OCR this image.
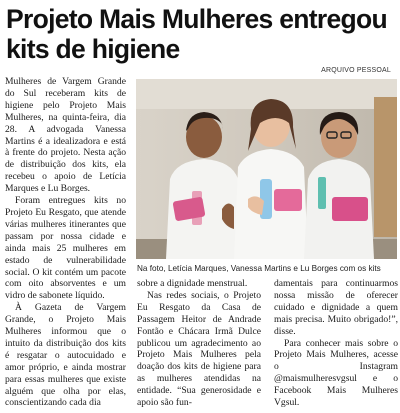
Projeto Mais Mulheres entregou kits de higiene
ARQUIVO PESSOAL

Mulheres de Vargem Grande do Sul receberam kits de higiene pelo Projeto Mais Mulheres, na quinta-feira, dia 28. A advogada Vanessa Martins é a idealizadora e está à frente do projeto. Nesta ação de distribuição dos kits, ela recebeu o apoio de Letícia Marques e Lu Borges.

Foram entregues kits no Projeto Eu Resgato, que atende várias mulheres itinerantes que passam por nossa cidade e ainda mais 25 mulheres em estado de vulnerabilidade social. O kit contém um pacote com oito absorventes e um vidro de sabonete líquido.

À Gazeta de Vargem Grande, o Projeto Mais Mulheres informou que o intuito da distribuição dos kits é resgatar o autocuidado e amor próprio, e ainda mostrar para essas mulheres que existe alguém que olha por elas, conscientizando cada dia

Na foto, Letícia Marques, Vanessa Martins e Lu Borges com os kits

sobre a dignidade menstrual.

Nas redes sociais, o Projeto Eu Resgato da Casa de Passagem Heitor de Andrade Fontão e Chácara Irmã Dulce publicou um agradecimento ao Projeto Mais Mulheres pela doação dos kits de higiene para as mulheres atendidas na entidade. “Sua generosidade e apoio são fun-

damentais para continuarmos nossa missão de oferecer cuidado e dignidade a quem mais precisa. Muito obrigado!”, disse.

Para conhecer mais sobre o Projeto Mais Mulheres, acesse o Instagram @maismulheresvgsul e o Facebook Mais Mulheres Vgsul.
